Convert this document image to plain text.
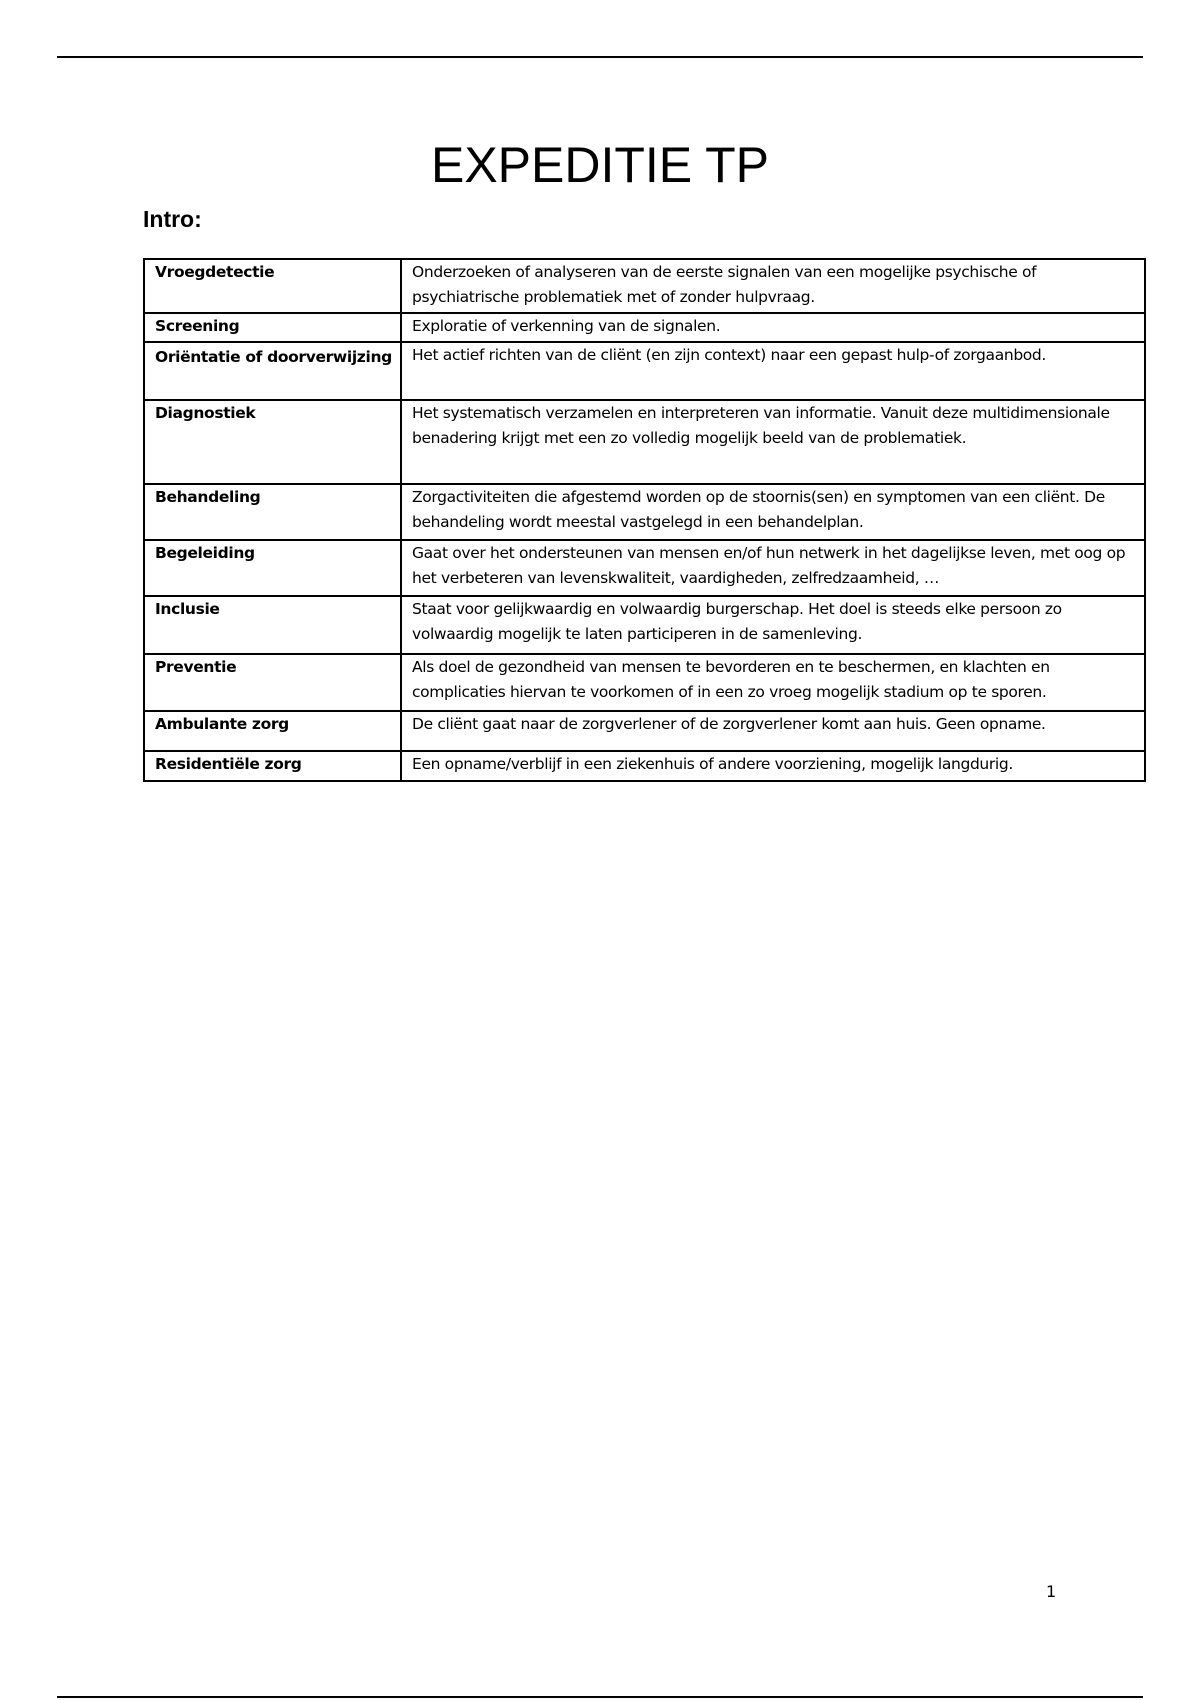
EXPEDITIE TP
Intro:
Vroegdetectie	Onderzoeken of analyseren van de eerste signalen van een mogelijke psychische of psychiatrische problematiek met of zonder hulpvraag.
Screening	Exploratie of verkenning van de signalen.
Oriëntatie of doorverwijzing	Het actief richten van de cliënt (en zijn context) naar een gepast hulp-of zorgaanbod.
Diagnostiek	Het systematisch verzamelen en interpreteren van informatie. Vanuit deze multidimensionale benadering krijgt met een zo volledig mogelijk beeld van de problematiek.
Behandeling	Zorgactiviteiten die afgestemd worden op de stoornis(sen) en symptomen van een cliënt. De behandeling wordt meestal vastgelegd in een behandelplan.
Begeleiding	Gaat over het ondersteunen van mensen en/of hun netwerk in het dagelijkse leven, met oog op het verbeteren van levenskwaliteit, vaardigheden, zelfredzaamheid, …
Inclusie	Staat voor gelijkwaardig en volwaardig burgerschap. Het doel is steeds elke persoon zo volwaardig mogelijk te laten participeren in de samenleving.
Preventie	Als doel de gezondheid van mensen te bevorderen en te beschermen, en klachten en complicaties hiervan te voorkomen of in een zo vroeg mogelijk stadium op te sporen.
Ambulante zorg	De cliënt gaat naar de zorgverlener of de zorgverlener komt aan huis. Geen opname.
Residentiële zorg	Een opname/verblijf in een ziekenhuis of andere voorziening, mogelijk langdurig.
1
